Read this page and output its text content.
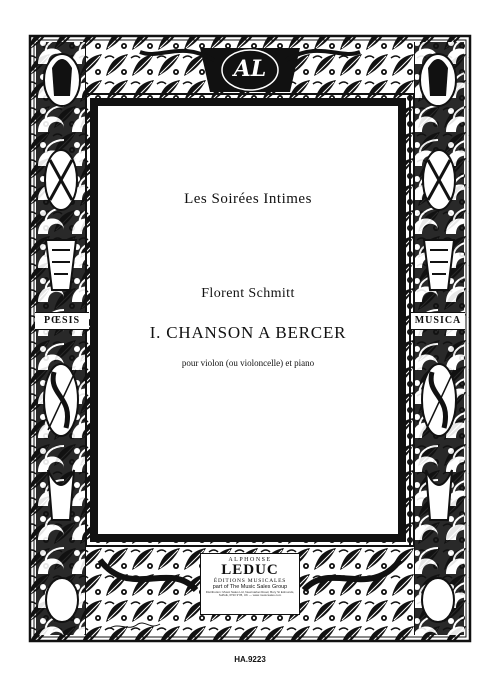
AL
Les Soirées Intimes
Florent Schmitt
I. CHANSON A BERCER
pour violon (ou violoncelle) et piano
PŒSIS	MUSICA
ALPHONSE
LEDUC
ÉDITIONS MUSICALES
part of The Music Sales Group
Distribution: Music Sales Ltd, Newmarket Road, Bury St Edmunds, Suffolk, IP33 3YB, UK — www.musicsales.com
HA.9223
